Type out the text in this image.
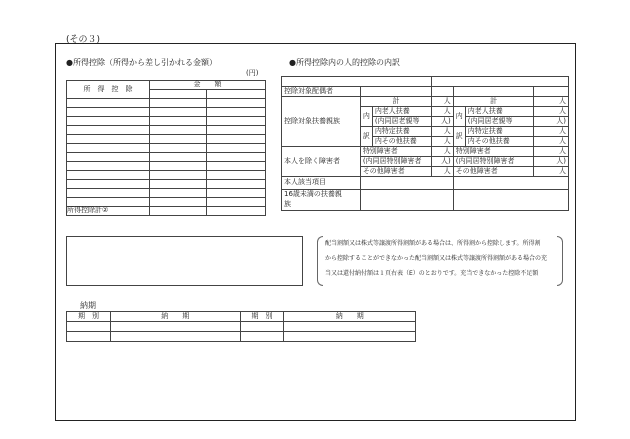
(その３)
●所得控除（所得から差し引かれる金額）
(円)
所　得　控　除	金　　額	

所得控除計②		
●所得控除内の人的控除の内訳

控除対象配偶者						
控除対象扶養親族	計		人	計		人
	内	内老人扶養	人	内	内老人扶養	人
		(内同居老親等	人)		(内同居老親等	人)
	訳	内特定扶養	人	訳	内特定扶養	人
		内その他扶養	人		内その他扶養	人
本人を除く障害者	特別障害者		人	特別障害者		人
	(内同居特別障害者		人)	(内同居特別障害者		人)
	その他障害者		人	その他障害者		人
本人該当項目						
16歳未満の扶養親
族						
配当割額又は株式等譲渡所得割額がある場合は、所得割から控除します。所得割
から控除することができなかった配当割額又は株式等譲渡所得割額がある場合の充
当又は還付納付額は１頁右表（E）のとおりです。充当できなかった控除不足額
納期
期　別	納　　期	期　別	納　　期
